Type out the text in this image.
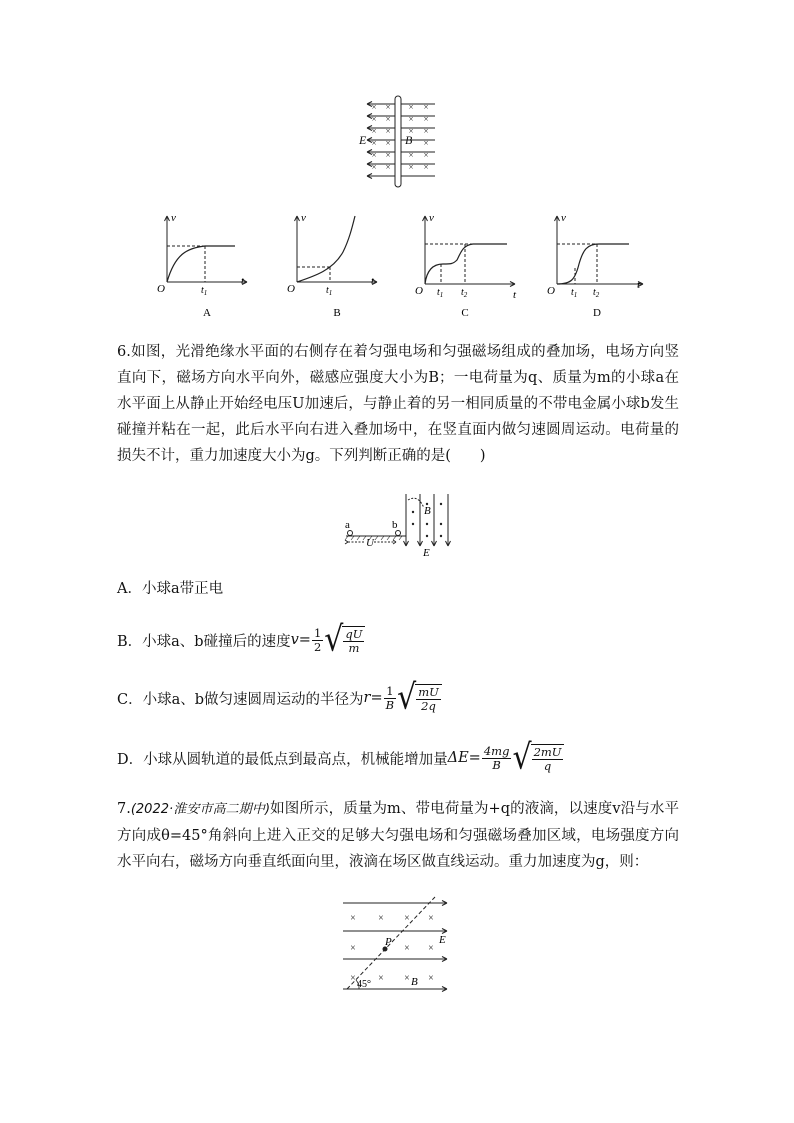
× × × ×
× × × ×
× × × ×
× ×	×
× × × ×
× × × ×
E	B
v
t
O	$t_1$
A
v
t
O	$t_1$
B
v
t
O $t_1$ $t_2$
C
v
t
O $t_1$ $t_2$
D
6.如图，光滑绝缘水平面的右侧存在着匀强电场和匀强磁场组成的叠加场，电场方向竖直向下，磁场方向水平向外，磁感应强度大小为B；一电荷量为q、质量为m的小球a在水平面上从静止开始经电压U加速后，与静止着的另一相同质量的不带电金属小球b发生碰撞并粘在一起，此后水平向右进入叠加场中，在竖直面内做匀速圆周运动。电荷量的损失不计，重力加速度大小为g。下列判断正确的是(　　)
a	b
U
B
E
A．小球a带正电
B．小球a、b碰撞后的速度 $v= \frac{1}{2}$ √ $\frac{qU}{m}$
C．小球a、b做匀速圆周运动的半径为 $r= \frac{1}{B}$ √ $\frac{mU}{2q}$
D．小球从圆轨道的最低点到最高点，机械能增加量 $\Delta E= \frac{4mg}{B}$ √ $\frac{2mU}{q}$
7.(2022·淮安市高二期中)如图所示，质量为m、带电荷量为+q的液滴，以速度v沿与水平方向成θ=45°角斜向上进入正交的足够大匀强电场和匀强磁场叠加区域，电场强度方向水平向右，磁场方向垂直纸面向里，液滴在场区做直线运动。重力加速度为g，则：
× × × ×
×	× ×
× × × ×
P	E
B
45°
